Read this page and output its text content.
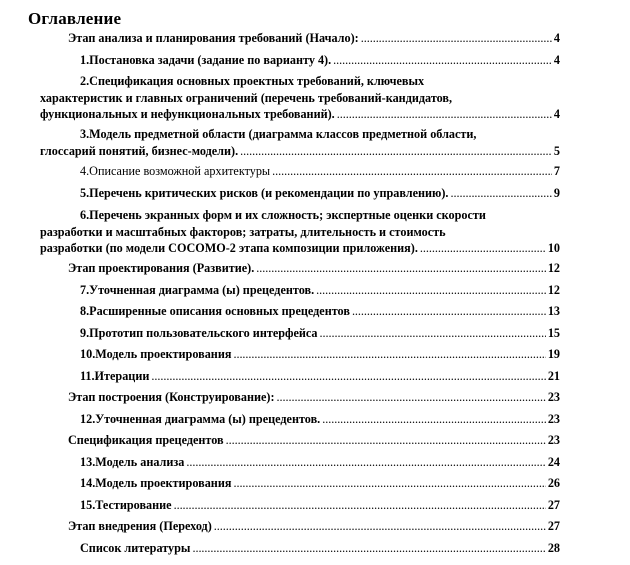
Оглавление
Этап анализа и планирования требований (Начало): . . .	4
1.Постановка задачи (задание по варианту 4). . . .	4
2.Спецификация основных проектных требований, ключевых
характеристик и главных ограничений (перечень требований-кандидатов,
функциональных и нефункциональных требований). . . .	4
3.Модель предметной области (диаграмма классов предметной области,
глоссарий понятий, бизнес-модели). . . .	5
4.Описание возможной архитектуры . . .	7
5.Перечень критических рисков (и рекомендации по управлению). . . .	9
6.Перечень экранных форм и их сложность; экспертные оценки скорости
разработки и масштабных факторов; затраты, длительность и стоимость
разработки (по модели COCOMO-2 этапа композиции приложения). . . .	10
Этап проектирования (Развитие). . . .	12
7.Уточненная диаграмма (ы) прецедентов. . . .	12
8.Расширенные описания основных прецедентов . . .	13
9.Прототип пользовательского интерфейса . . .	15
10.Модель проектирования . . .	19
11.Итерации . . .	21
Этап построения (Конструирование): . . .	23
12.Уточненная диаграмма (ы) прецедентов. . . .	23
Спецификация прецедентов . . .	23
13.Модель анализа . . .	24
14.Модель проектирования . . .	26
15.Тестирование . . .	27
Этап внедрения (Переход) . . .	27
Список литературы . . .	28
